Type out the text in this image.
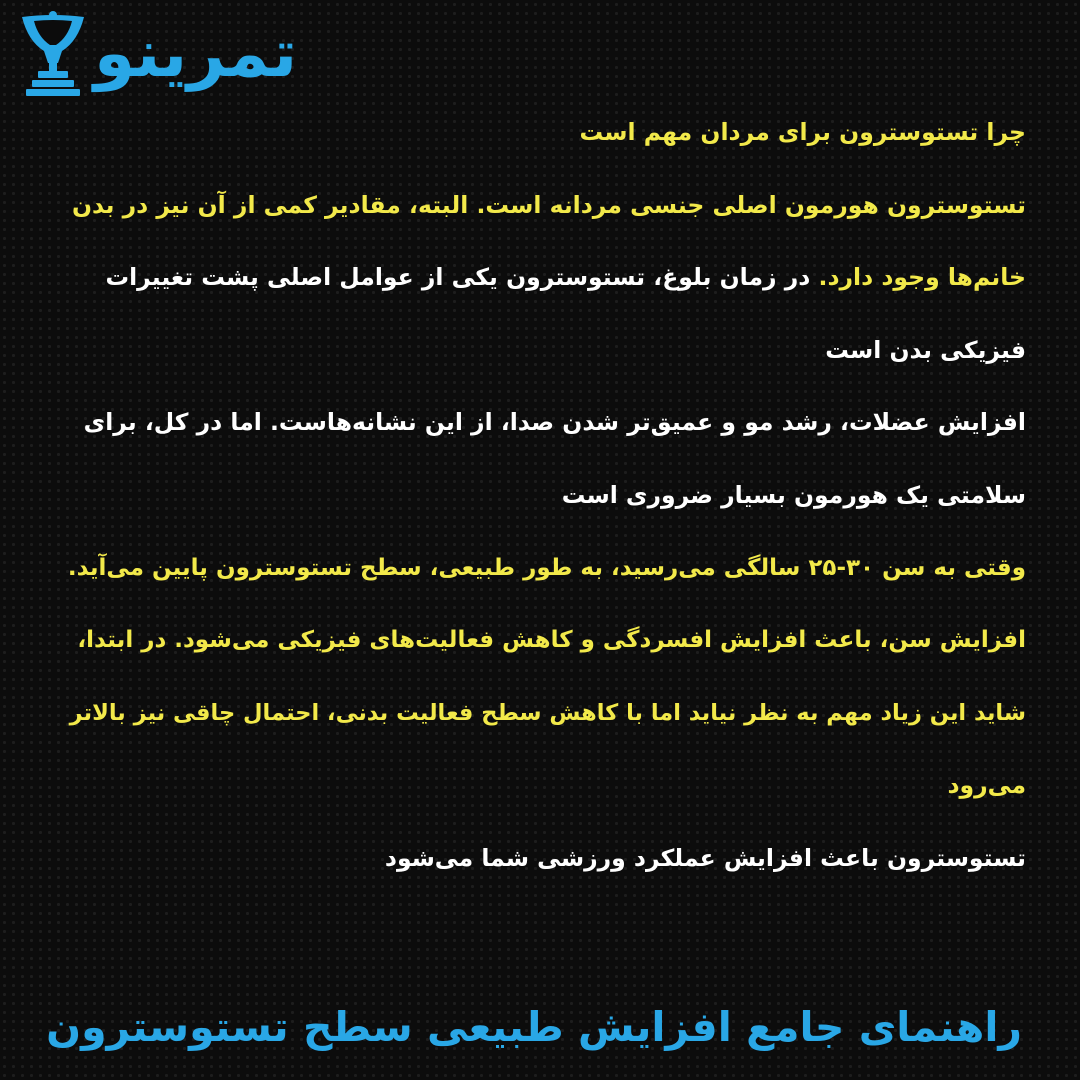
تمرینو
چرا تستوسترون برای مردان مهم است
تستوسترون هورمون اصلی جنسی مردانه است. البته، مقادیر کمی از آن نیز در بدن
خانم‌ها وجود دارد. در زمان بلوغ، تستوسترون یکی از عوامل اصلی پشت تغییرات
فیزیکی بدن است
افزایش عضلات، رشد مو و عمیق‌تر شدن صدا، از این نشانه‌هاست. اما در کل، برای
سلامتی یک هورمون بسیار ضروری است
وقتی به سن ۳۰-۲۵ سالگی می‌رسید، به طور طبیعی، سطح تستوسترون پایین می‌آید.
افزایش سن، باعث افزایش افسردگی و کاهش فعالیت‌های فیزیکی می‌شود. در ابتدا،
شاید این زیاد مهم به نظر نیاید اما با کاهش سطح فعالیت بدنی، احتمال چاقی نیز بالاتر
می‌رود
تستوسترون باعث افزایش عملکرد ورزشی شما می‌شود
راهنمای جامع افزایش طبیعی سطح تستوسترون
